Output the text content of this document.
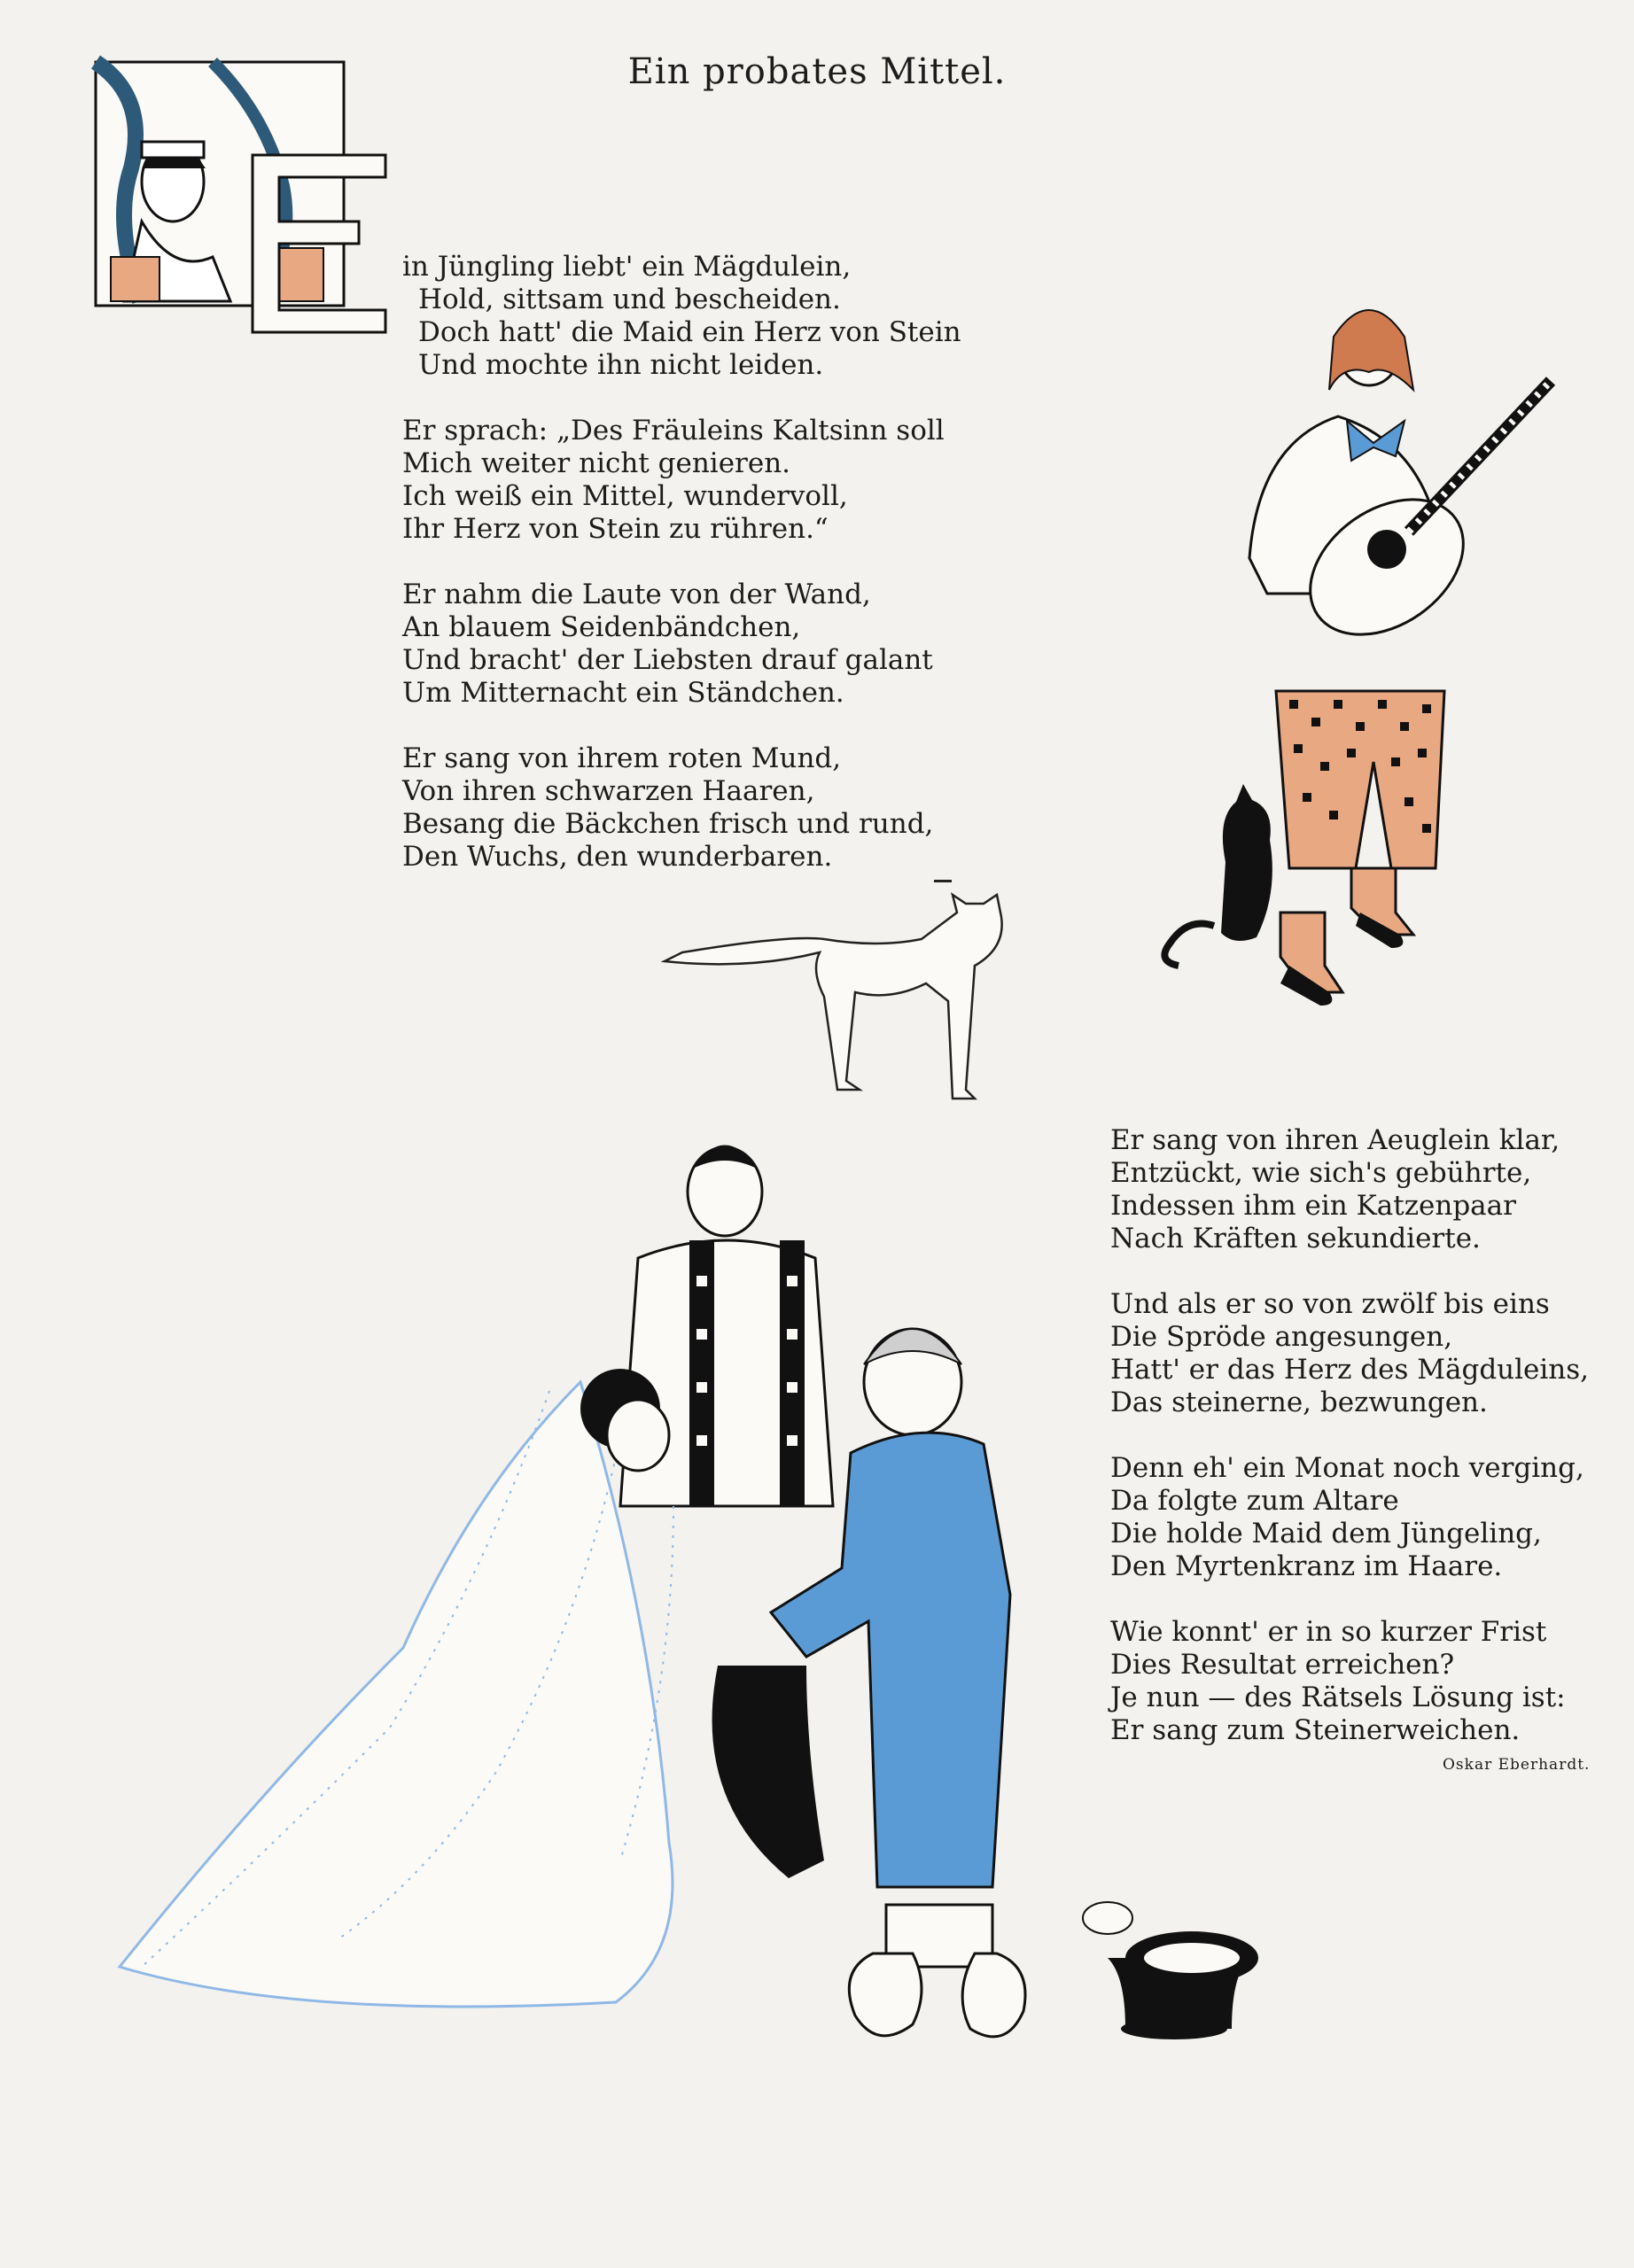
Ein probates Mittel.
in Jüngling liebt' ein Mägdulein,
Hold, sittsam und bescheiden.
Doch hatt' die Maid ein Herz von Stein
Und mochte ihn nicht leiden.
Er sprach: „Des Fräuleins Kaltsinn soll
Mich weiter nicht genieren.
Ich weiß ein Mittel, wundervoll,
Ihr Herz von Stein zu rühren.“
Er nahm die Laute von der Wand,
An blauem Seidenbändchen,
Und bracht' der Liebsten drauf galant
Um Mitternacht ein Ständchen.
Er sang von ihrem roten Mund,
Von ihren schwarzen Haaren,
Besang die Bäckchen frisch und rund,
Den Wuchs, den wunderbaren.
Er sang von ihren Aeuglein klar,
Entzückt, wie sich's gebührte,
Indessen ihm ein Katzenpaar
Nach Kräften sekundierte.
Und als er so von zwölf bis eins
Die Spröde angesungen,
Hatt' er das Herz des Mägduleins,
Das steinerne, bezwungen.
Denn eh' ein Monat noch verging,
Da folgte zum Altare
Die holde Maid dem Jüngeling,
Den Myrtenkranz im Haare.
Wie konnt' er in so kurzer Frist
Dies Resultat erreichen?
Je nun — des Rätsels Lösung ist:
Er sang zum Steinerweichen.
Oskar Eberhardt.
